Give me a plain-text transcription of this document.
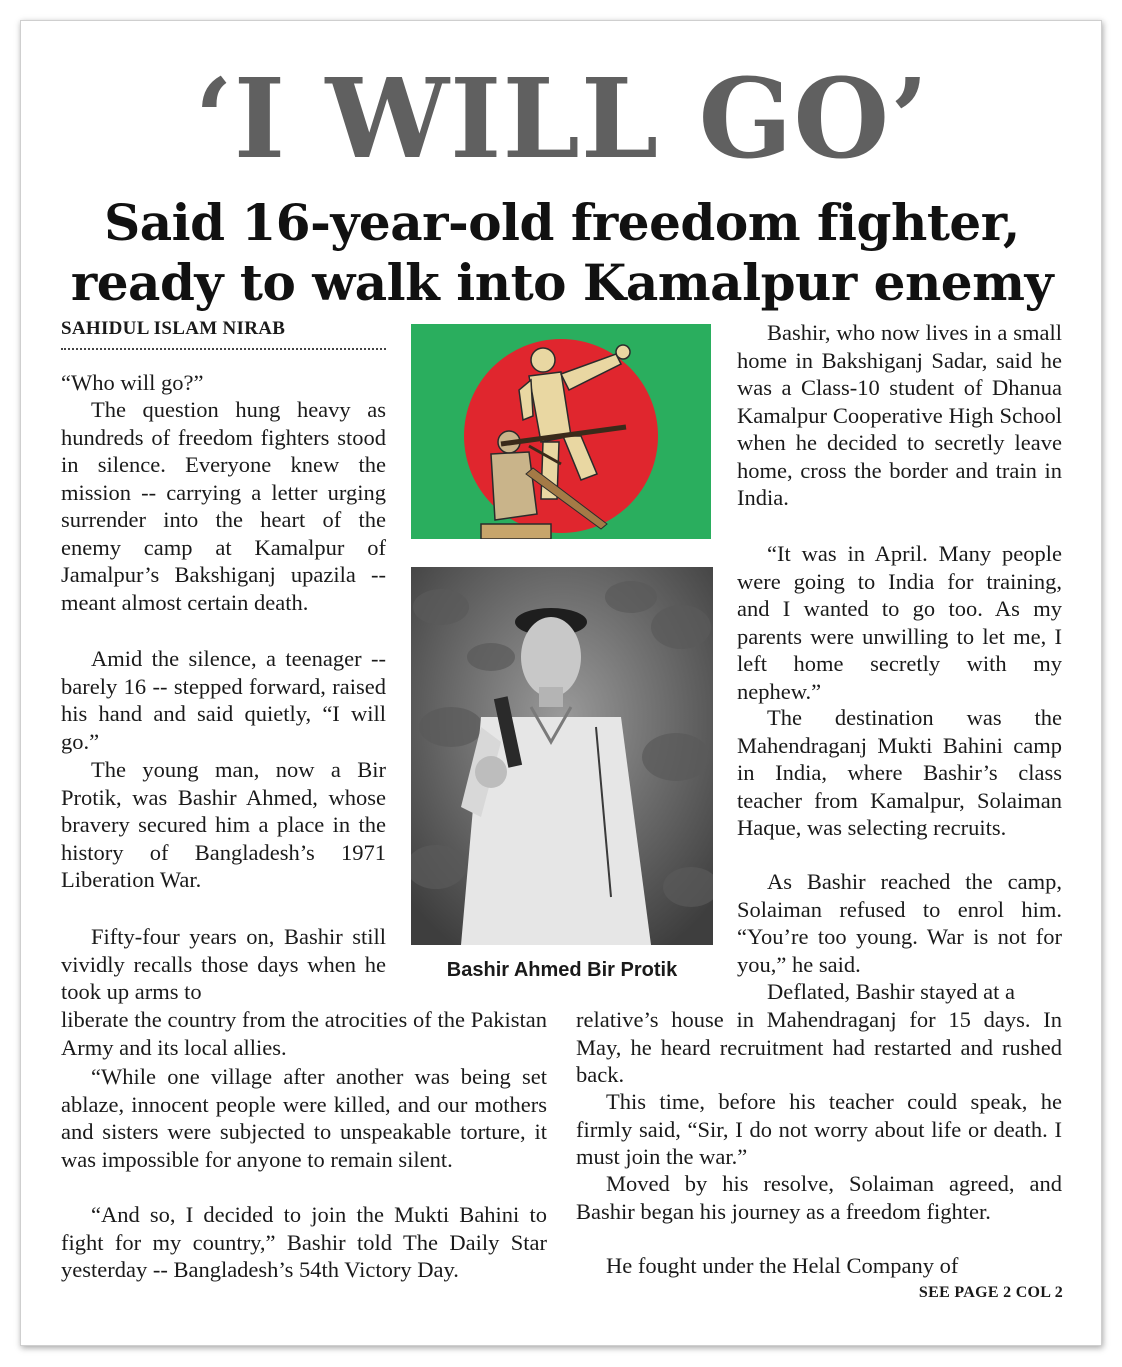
‘I WILL GO’
Said 16-year-old freedom fighter, ready to walk into Kamalpur enemy
SAHIDUL ISLAM NIRAB

“Who will go?”

The question hung heavy as hundreds of freedom fighters stood in silence. Everyone knew the mission -- carrying a letter urging surrender into the heart of the enemy camp at Kamalpur of Jamalpur’s Bakshiganj upazila -- meant almost certain death.

Amid the silence, a teenager -- barely 16 -- stepped forward, raised his hand and said quietly, “I will go.”

The young man, now a Bir Protik, was Bashir Ahmed, whose bravery secured him a place in the history of Bangladesh’s 1971 Liberation War.

Fifty-four years on, Bashir still vividly recalls those days when he took up arms to

liberate the country from the atrocities of the Pakistan Army and its local allies.

“While one village after another was being set ablaze, innocent people were killed, and our mothers and sisters were subjected to unspeakable torture, it was impossible for anyone to remain silent.

“And so, I decided to join the Mukti Bahini to fight for my country,” Bashir told The Daily Star yesterday -- Bangladesh’s 54th Victory Day.

Bashir Ahmed Bir Protik

Bashir, who now lives in a small home in Bakshiganj Sadar, said he was a Class-10 student of Dhanua Kamalpur Cooperative High School when he decided to secretly leave home, cross the border and train in India.

“It was in April. Many people were going to India for training, and I wanted to go too. As my parents were unwilling to let me, I left home secretly with my nephew.”

The destination was the Mahendraganj Mukti Bahini camp in India, where Bashir’s class teacher from Kamalpur, Solaiman Haque, was selecting recruits.

As Bashir reached the camp, Solaiman refused to enrol him. “You’re too young. War is not for you,” he said.

Deflated, Bashir stayed at a

relative’s house in Mahendraganj for 15 days. In May, he heard recruitment had restarted and rushed back.

This time, before his teacher could speak, he firmly said, “Sir, I do not worry about life or death. I must join the war.”

Moved by his resolve, Solaiman agreed, and Bashir began his journey as a freedom fighter.

He fought under the Helal Company of

SEE PAGE 2 COL 2
